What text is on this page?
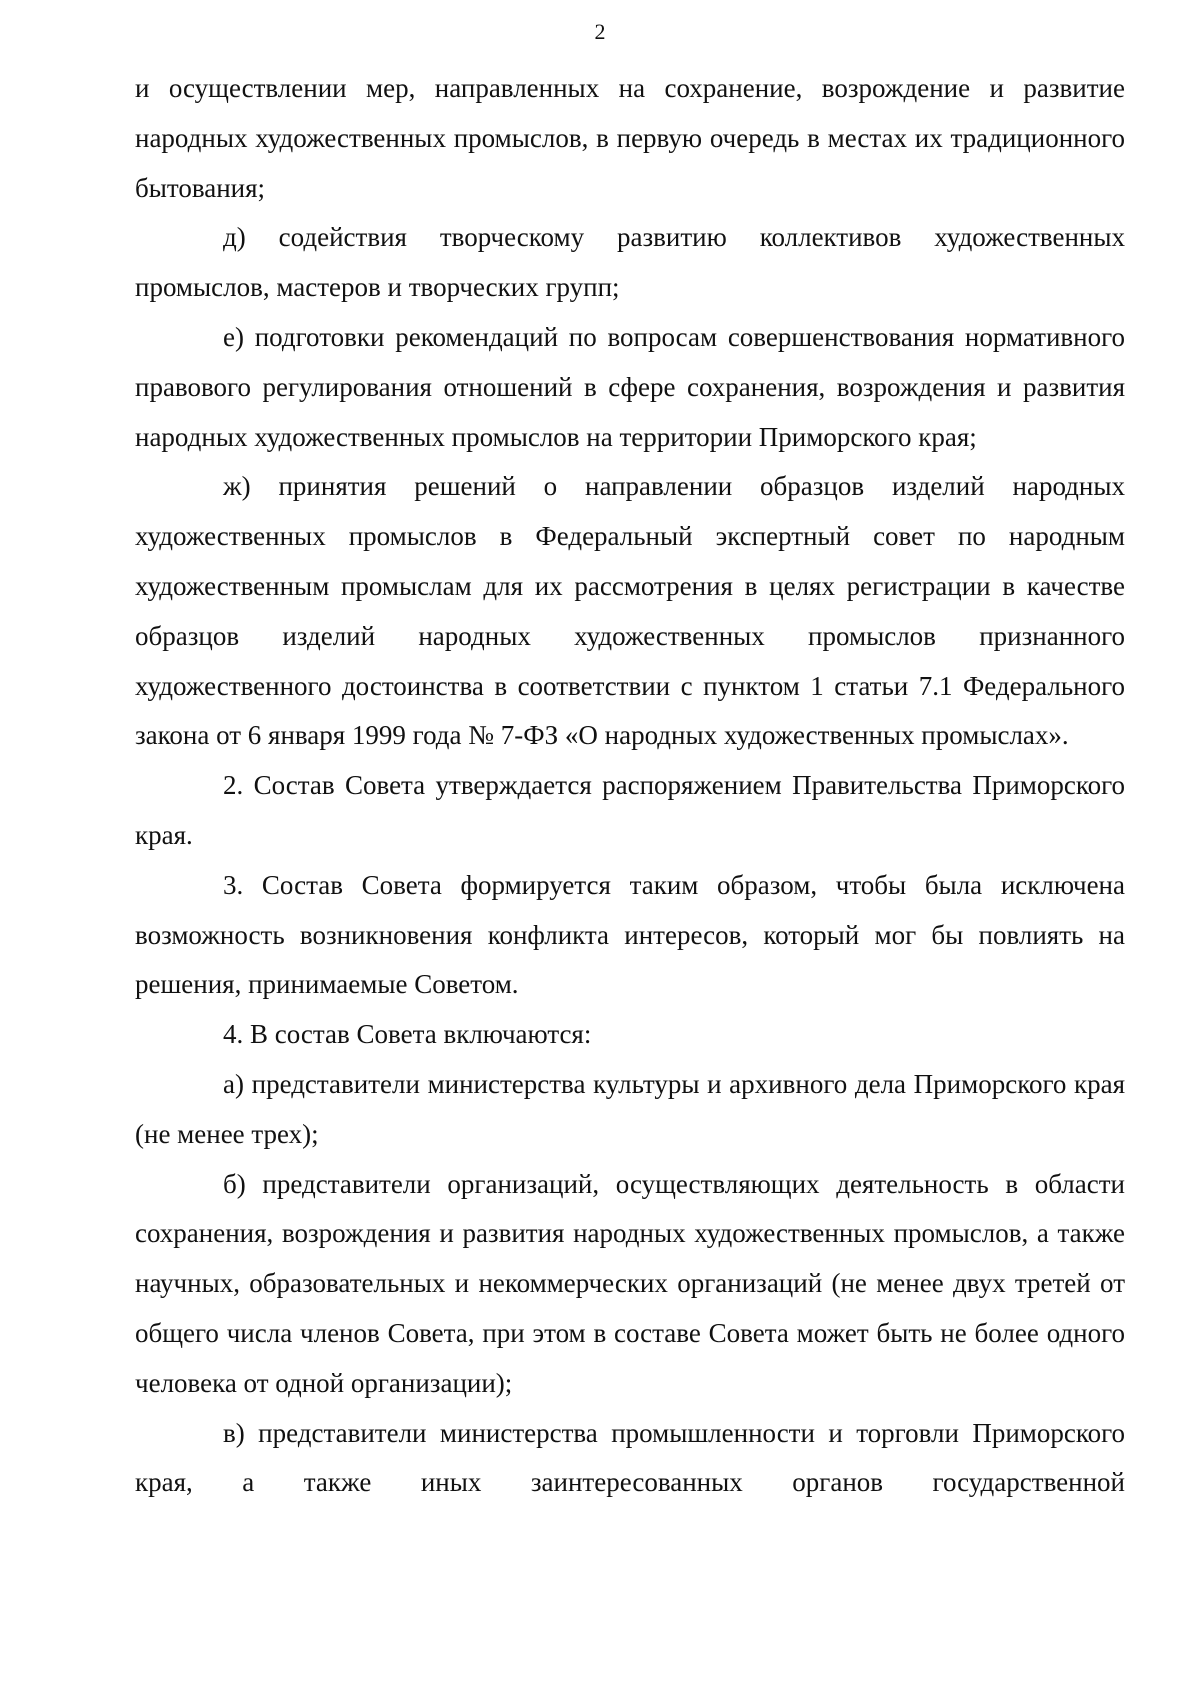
2

и осуществлении мер, направленных на сохранение, возрождение и развитие народных художественных промыслов, в первую очередь в местах их традиционного бытования;

д) содействия творческому развитию коллективов художественных промыслов, мастеров и творческих групп;

е) подготовки рекомендаций по вопросам совершенствования нормативного правового регулирования отношений в сфере сохранения, возрождения и развития народных художественных промыслов на территории Приморского края;

ж) принятия решений о направлении образцов изделий народных художественных промыслов в Федеральный экспертный совет по народным художественным промыслам для их рассмотрения в целях регистрации в качестве образцов изделий народных художественных промыслов признанного художественного достоинства в соответствии с пунктом 1 статьи 7.1 Федерального закона от 6 января 1999 года № 7-ФЗ «О народных художественных промыслах».

2. Состав Совета утверждается распоряжением Правительства Приморского края.

3. Состав Совета формируется таким образом, чтобы была исключена возможность возникновения конфликта интересов, который мог бы повлиять на решения, принимаемые Советом.

4. В состав Совета включаются:

а) представители министерства культуры и архивного дела Приморского края (не менее трех);

б) представители организаций, осуществляющих деятельность в области сохранения, возрождения и развития народных художественных промыслов, а также научных, образовательных и некоммерческих организаций (не менее двух третей от общего числа членов Совета, при этом в составе Совета может быть не более одного человека от одной организации);

в) представители министерства промышленности и торговли Приморского края, а также иных заинтересованных органов государственной
